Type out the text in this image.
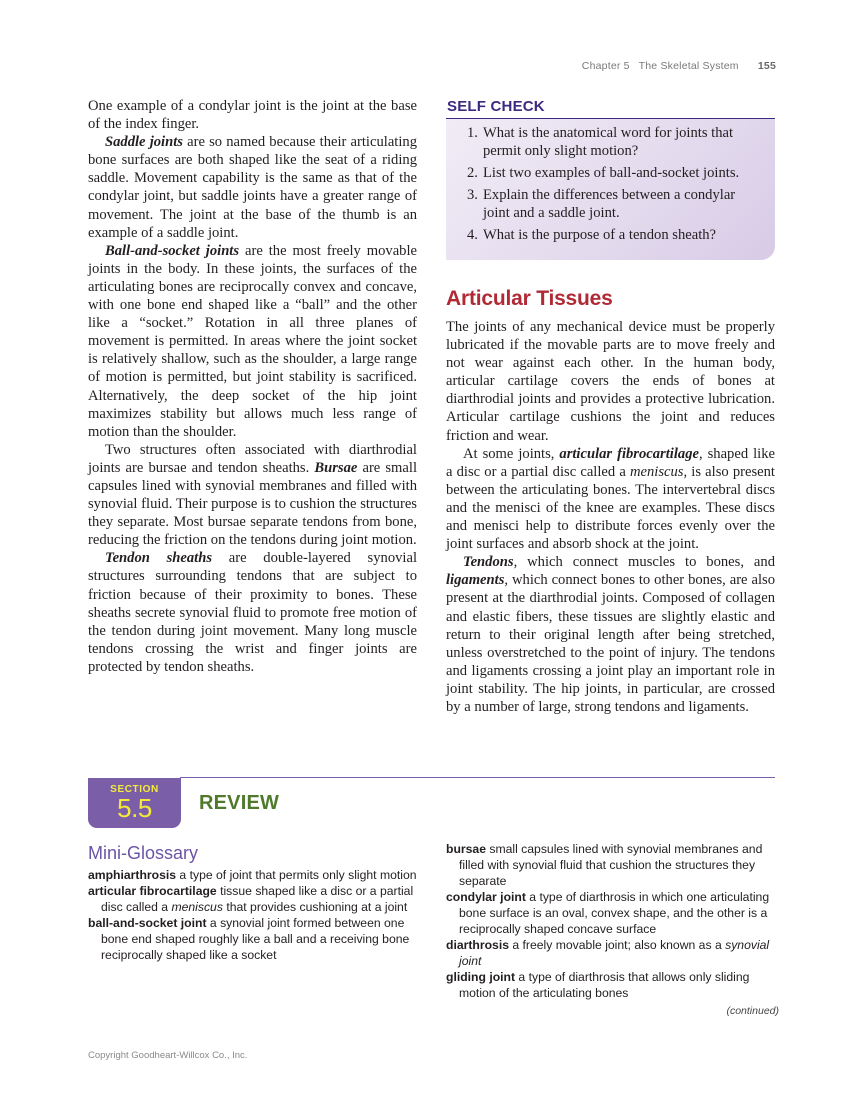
Chapter 5 The Skeletal System 155

One example of a condylar joint is the joint at the base of the index finger.

Saddle joints are so named because their articulating bone surfaces are both shaped like the seat of a riding saddle. Movement capability is the same as that of the condylar joint, but saddle joints have a greater range of movement. The joint at the base of the thumb is an example of a saddle joint.

Ball-and-socket joints are the most freely movable joints in the body. In these joints, the surfaces of the articulating bones are reciprocally convex and concave, with one bone end shaped like a “ball” and the other like a “socket.” Rotation in all three planes of movement is permitted. In areas where the joint socket is relatively shallow, such as the shoulder, a large range of motion is permitted, but joint stability is sacrificed. Alternatively, the deep socket of the hip joint maximizes stability but allows much less range of motion than the shoulder.

Two structures often associated with diarthrodial joints are bursae and tendon sheaths. Bursae are small capsules lined with synovial membranes and filled with synovial fluid. Their purpose is to cushion the structures they separate. Most bursae separate tendons from bone, reducing the friction on the tendons during joint motion.

Tendon sheaths are double-layered synovial structures surrounding tendons that are subject to friction because of their proximity to bones. These sheaths secrete synovial fluid to promote free motion of the tendon during joint movement. Many long muscle tendons crossing the wrist and finger joints are protected by tendon sheaths.

SELF CHECK
1. What is the anatomical word for joints that permit only slight motion?
2. List two examples of ball-and-socket joints.
3. Explain the differences between a condylar joint and a saddle joint.
4. What is the purpose of a tendon sheath?
Articular Tissues

The joints of any mechanical device must be properly lubricated if the movable parts are to move freely and not wear against each other. In the human body, articular cartilage covers the ends of bones at diarthrodial joints and provides a protective lubrication. Articular cartilage cushions the joint and reduces friction and wear.

At some joints, articular fibrocartilage, shaped like a disc or a partial disc called a meniscus, is also present between the articulating bones. The intervertebral discs and the menisci of the knee are examples. These discs and menisci help to distribute forces evenly over the joint surfaces and absorb shock at the joint.

Tendons, which connect muscles to bones, and ligaments, which connect bones to other bones, are also present at the diarthrodial joints. Composed of collagen and elastic fibers, these tissues are slightly elastic and return to their original length after being stretched, unless overstretched to the point of injury. The tendons and ligaments crossing a joint play an important role in joint stability. The hip joints, in particular, are crossed by a number of large, strong tendons and ligaments.

SECTION
5.5	REVIEW
Mini-Glossary

amphiarthrosis a type of joint that permits only slight motion

articular fibrocartilage tissue shaped like a disc or a partial disc called a meniscus that provides cushioning at a joint

ball-and-socket joint a synovial joint formed between one bone end shaped roughly like a ball and a receiving bone reciprocally shaped like a socket

bursae small capsules lined with synovial membranes and filled with synovial fluid that cushion the structures they separate

condylar joint a type of diarthrosis in which one articulating bone surface is an oval, convex shape, and the other is a reciprocally shaped concave surface

diarthrosis a freely movable joint; also known as a synovial joint

gliding joint a type of diarthrosis that allows only sliding motion of the articulating bones

(continued)
Copyright Goodheart-Willcox Co., Inc.
